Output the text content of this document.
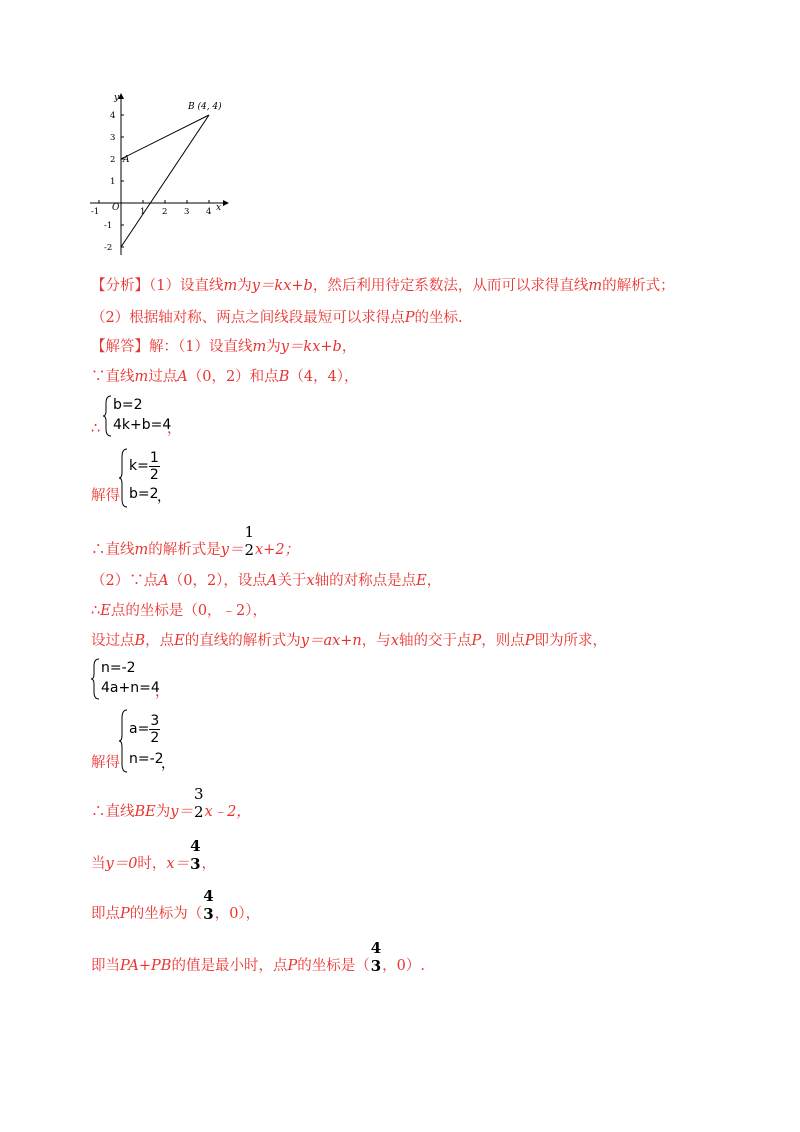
y
x
O
A
B (4, 4)
-1	1 2 3 4
4
3
2
1
-1
-2
【分析】（1）设直线m为y＝kx+b，然后利用待定系数法，从而可以求得直线m的解析式；
（2）根据轴对称、两点之间线段最短可以求得点P的坐标.
【解答】解：（1）设直线m为y＝kx+b，
∵直线m过点A（0，2）和点B（4，4），
∴
b=2
4k+b=4
，
解得
$k= \frac{1}{2}$
b=2
，
∴直线 m 的解析式是 y＝
1
2 x+2；
（2）∵点A（0，2），设点A关于x轴的对称点是点E，
∴E点的坐标是（0，﹣2），
设过点B，点E的直线的解析式为y＝ax+n，与x轴的交于点P，则点P即为所求，
n=-2
4a+n=4
，
解得
$a= \frac{3}{2}$
n=-2
，
∴直线 BE 为 y＝
3
2 x﹣2，
当 y＝0 时， x＝
4
3 ，
即点 P 的坐标为（
4
3 ，0），
即当 PA+PB 的值是最小时，点 P 的坐标是（
4
3 ，0）.
